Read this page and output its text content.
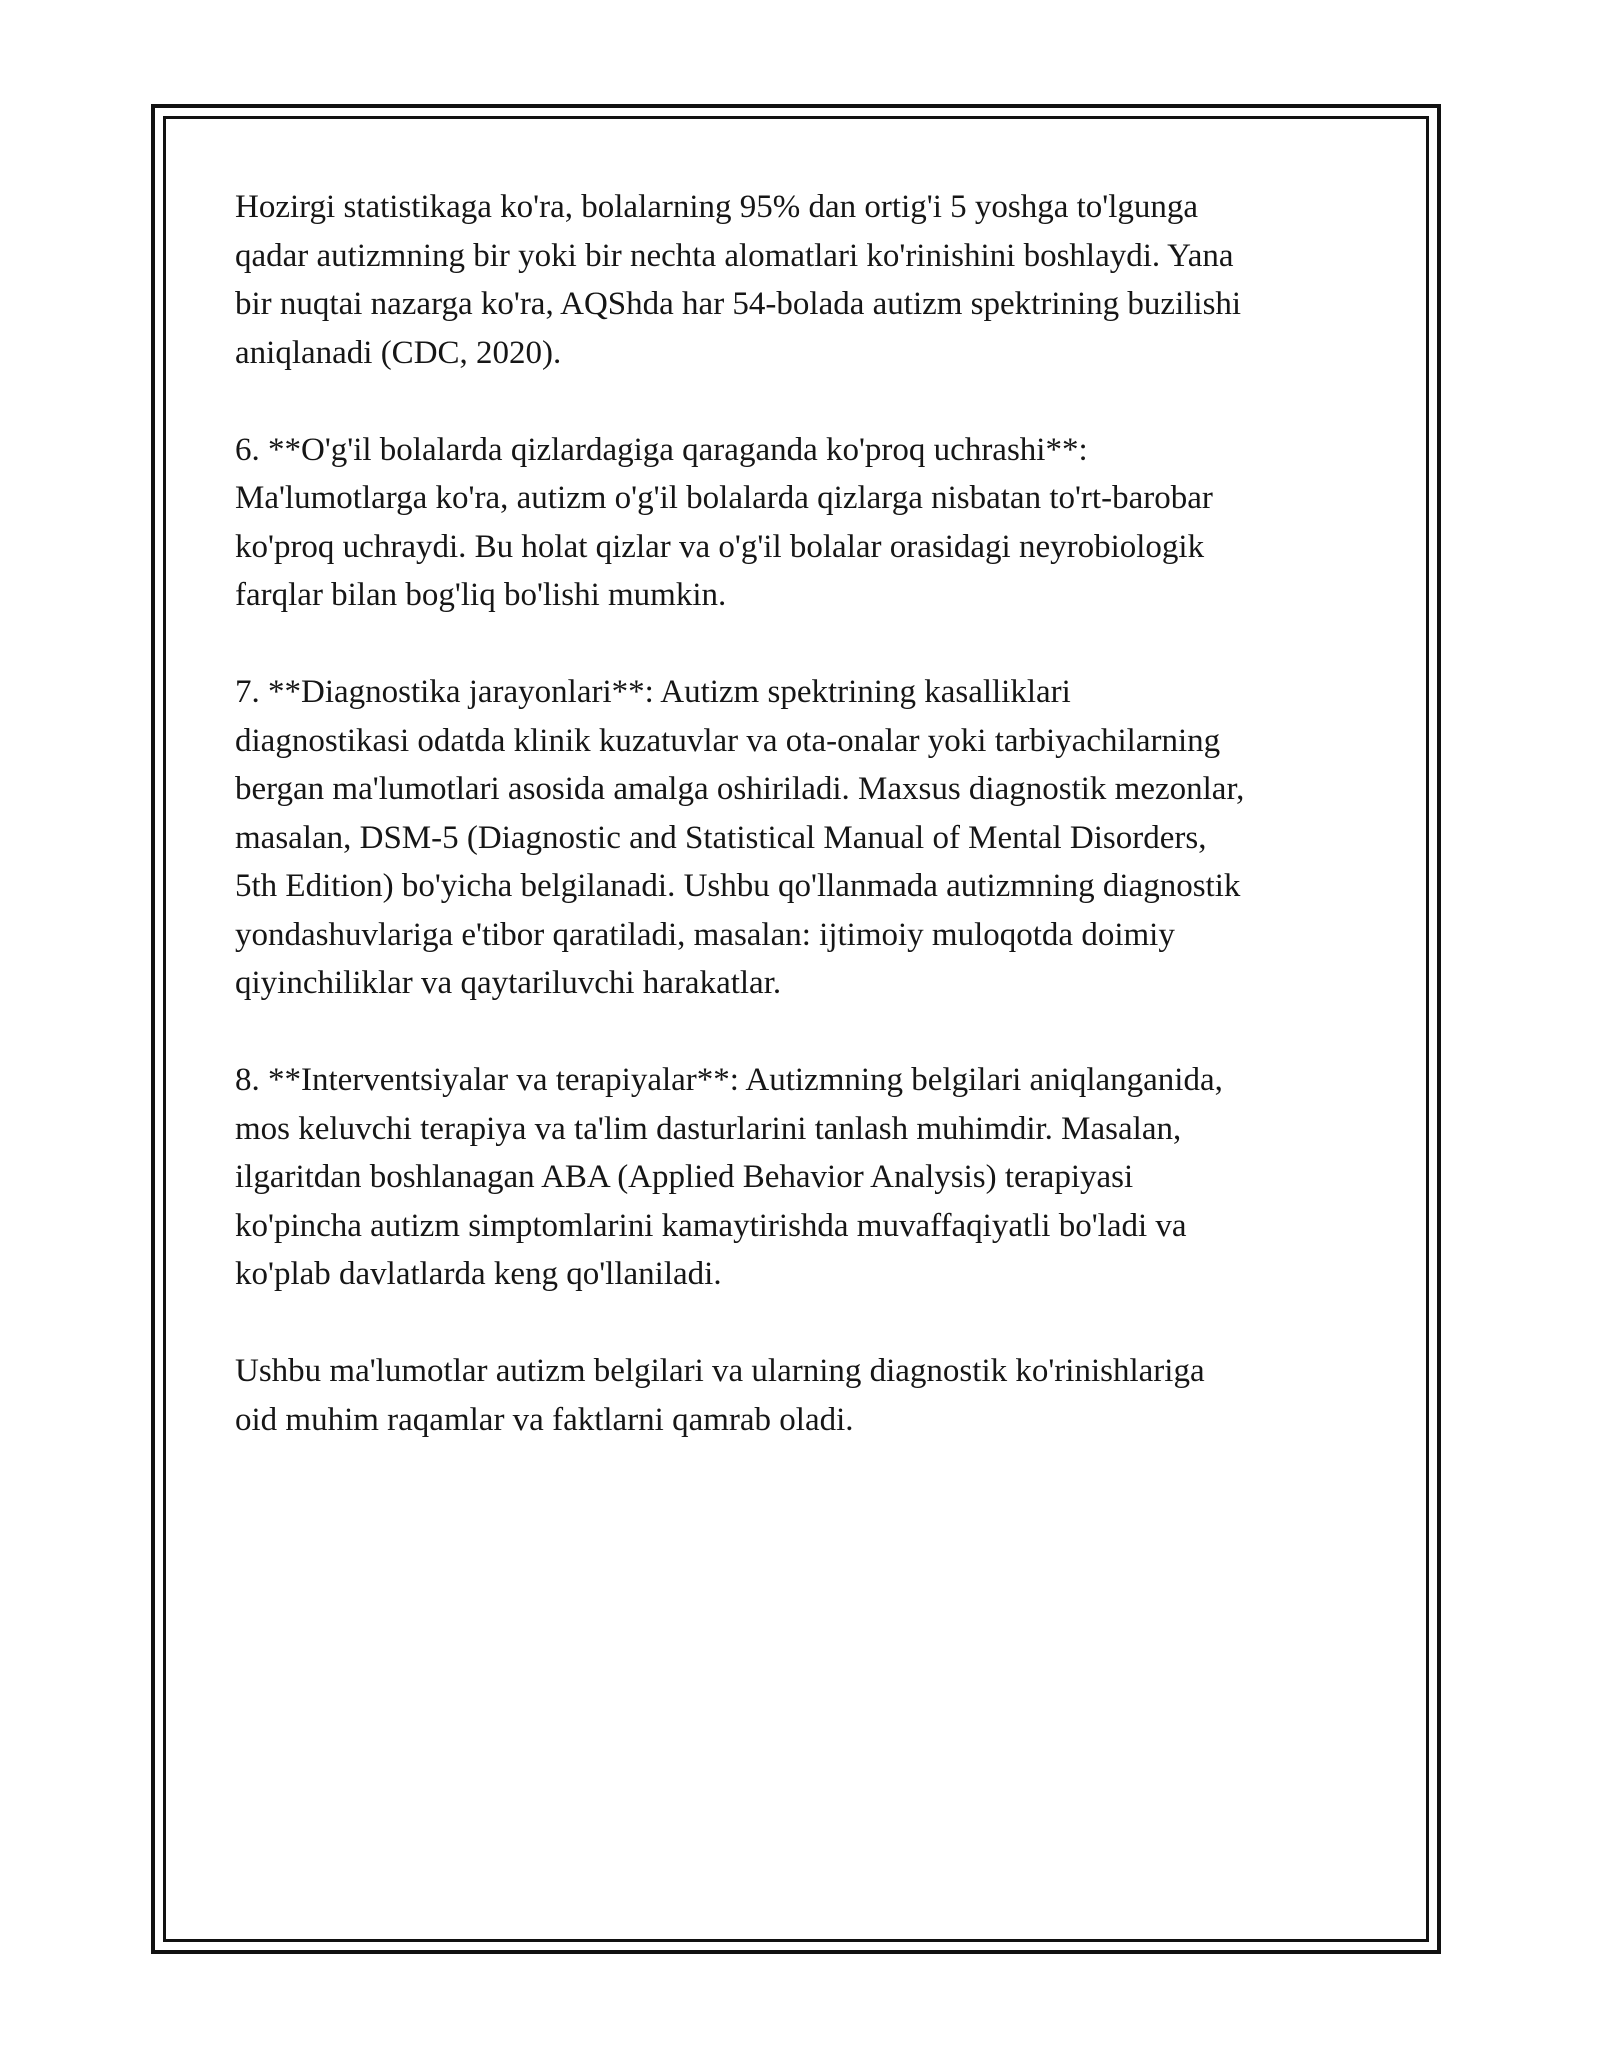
Hozirgi statistikaga ko'ra, bolalarning 95% dan ortig'i 5 yoshga to'lgunga
qadar autizmning bir yoki bir nechta alomatlari ko'rinishini boshlaydi. Yana
bir nuqtai nazarga ko'ra, AQShda har 54-bolada autizm spektrining buzilishi
aniqlanadi (CDC, 2020).

6. **O'g'il bolalarda qizlardagiga qaraganda ko'proq uchrashi**:
Ma'lumotlarga ko'ra, autizm o'g'il bolalarda qizlarga nisbatan to'rt-barobar
ko'proq uchraydi. Bu holat qizlar va o'g'il bolalar orasidagi neyrobiologik
farqlar bilan bog'liq bo'lishi mumkin.

7. **Diagnostika jarayonlari**: Autizm spektrining kasalliklari
diagnostikasi odatda klinik kuzatuvlar va ota-onalar yoki tarbiyachilarning
bergan ma'lumotlari asosida amalga oshiriladi. Maxsus diagnostik mezonlar,
masalan, DSM-5 (Diagnostic and Statistical Manual of Mental Disorders,
5th Edition) bo'yicha belgilanadi. Ushbu qo'llanmada autizmning diagnostik
yondashuvlariga e'tibor qaratiladi, masalan: ijtimoiy muloqotda doimiy
qiyinchiliklar va qaytariluvchi harakatlar.

8. **Interventsiyalar va terapiyalar**: Autizmning belgilari aniqlanganida,
mos keluvchi terapiya va ta'lim dasturlarini tanlash muhimdir. Masalan,
ilgaritdan boshlanagan ABA (Applied Behavior Analysis) terapiyasi
ko'pincha autizm simptomlarini kamaytirishda muvaffaqiyatli bo'ladi va
ko'plab davlatlarda keng qo'llaniladi.

Ushbu ma'lumotlar autizm belgilari va ularning diagnostik ko'rinishlariga
oid muhim raqamlar va faktlarni qamrab oladi.
